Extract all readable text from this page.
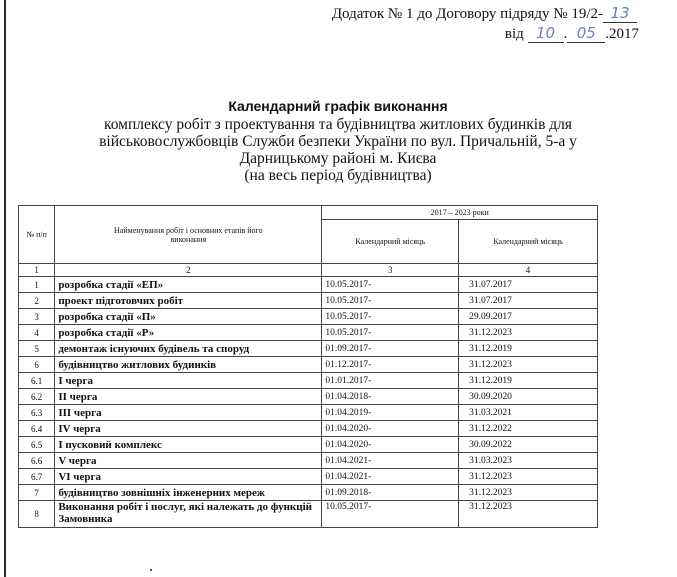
Додаток № 1 до Договору підряду № 19/2- 13
від 10 . 05 .2017
Календарний графік виконання
комплексу робіт з проектування та будівництва житлових будинків для
військовослужбовців Служби безпеки України по вул. Причальній, 5-а у
Дарницькому районі м. Києва
(на весь період будівництва)
№ п/п	Найменування робіт і основних етапів його виконання	2017 – 2023 роки	
		Календарний місяць	Календарний місяць
1	2	3	4
1	розробка стадії «ЕП»	10.05.2017-	31.07.2017
2	проект підготовчих робіт	10.05.2017-	31.07.2017
3	розробка стадії «П»	10.05.2017-	29.09.2017
4	розробка стадії «Р»	10.05.2017-	31.12.2023
5	демонтаж існуючих будівель та споруд	01.09.2017-	31.12.2019
6	будівництво житлових будинків	01.12.2017-	31.12.2023
6.1	I черга	01.01.2017-	31.12.2019
6.2	II черга	01.04.2018-	30.09.2020
6.3	III черга	01.04.2019-	31.03.2021
6.4	IV черга	01.04.2020-	31.12.2022
6.5	I пусковий комплекс	01.04.2020-	30.09.2022
6.6	V черга	01.04.2021-	31.03.2023
6.7	VI черга	01.04.2021-	31.12.2023
7	будівництво зовнішніх інженерних мереж	01.09.2018-	31.12.2023
8	Виконання робіт і послуг, які належать до функцій Замовника	10.05.2017-	31.12.2023
